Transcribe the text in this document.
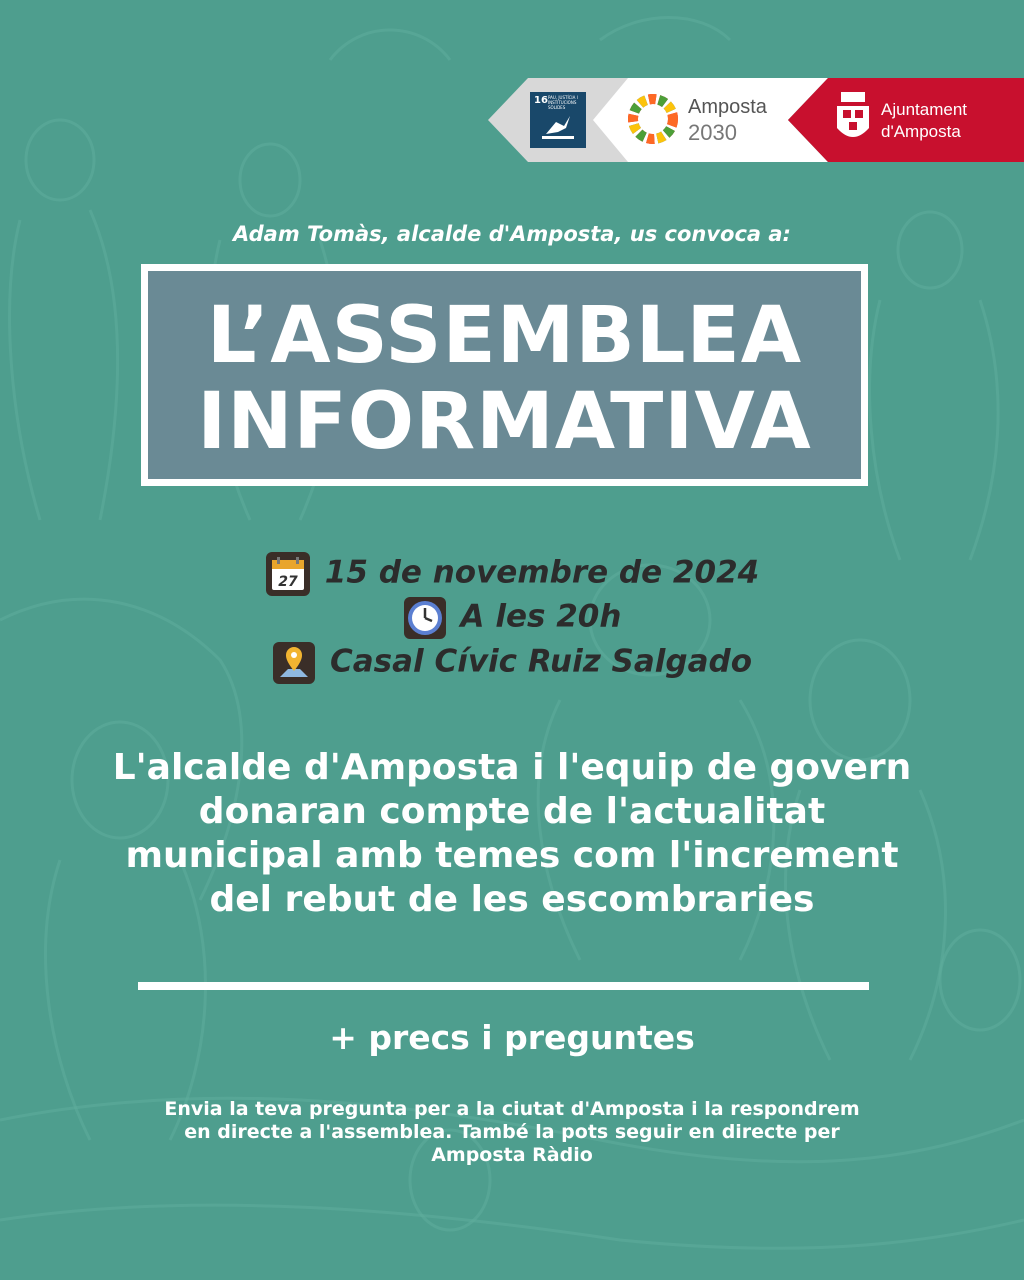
16 PAU, JUSTÍCIA I INSTITUCIONS SÒLIDES	Amposta
2030
Ajuntament
d'Amposta
Adam Tomàs, alcalde d'Amposta, us convoca a:
L’ASSEMBLEA
INFORMATIVA
27 15 de novembre de 2024
A les 20h
Casal Cívic Ruiz Salgado
L'alcalde d'Amposta i l'equip de govern donaran compte de l'actualitat municipal amb temes com l'increment del rebut de les escombraries
+ precs i preguntes
Envia la teva pregunta per a la ciutat d'Amposta i la respondrem en directe a l'assemblea. També la pots seguir en directe per Amposta Ràdio
